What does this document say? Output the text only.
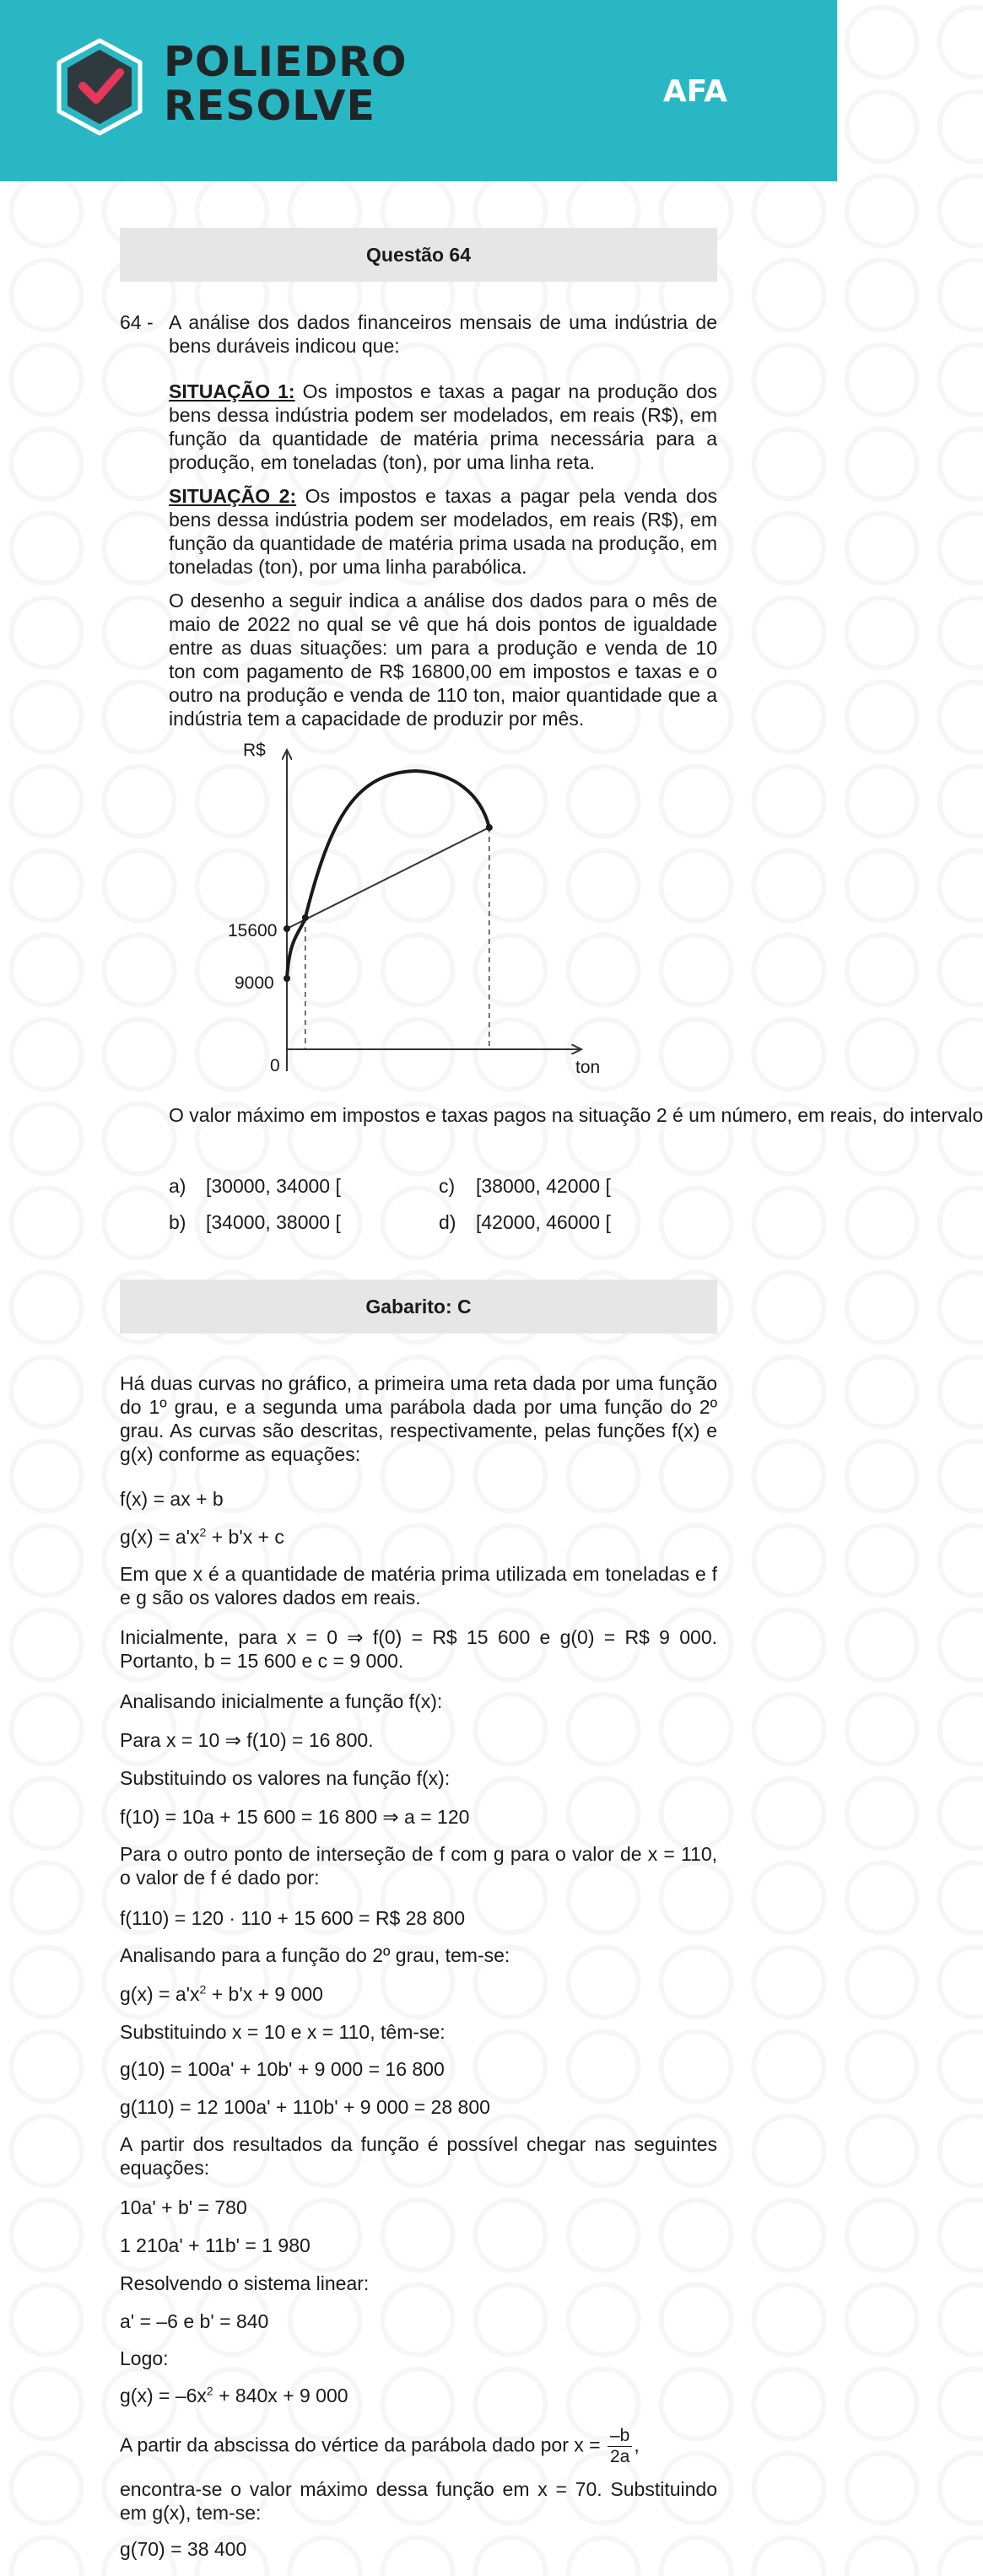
POLIEDRO
RESOLVE	AFA
Questão 64
64 - A análise dos dados financeiros mensais de uma indústria de bens duráveis indicou que:
SITUAÇÃO 1: Os impostos e taxas a pagar na produção dos bens dessa indústria podem ser modelados, em reais (R$), em função da quantidade de matéria prima necessária para a produção, em toneladas (ton), por uma linha reta.
SITUAÇÃO 2: Os impostos e taxas a pagar pela venda dos bens dessa indústria podem ser modelados, em reais (R$), em função da quantidade de matéria prima usada na produção, em toneladas (ton), por uma linha parabólica.
O desenho a seguir indica a análise dos dados para o mês de maio de 2022 no qual se vê que há dois pontos de igualdade entre as duas situações: um para a produção e venda de 10 ton com pagamento de R$ 16800,00 em impostos e taxas e o outro na produção e venda de 110 ton, maior quantidade que a indústria tem a capacidade de produzir por mês.
R$
ton
0
15600
9000
O valor máximo em impostos e taxas pagos na situação 2 é um número, em reais, do intervalo
a) [30000, 34000 [	c) [38000, 42000 [
b) [34000, 38000 [	d) [42000, 46000 [
Gabarito: C
Há duas curvas no gráfico, a primeira uma reta dada por uma função do 1º grau, e a segunda uma parábola dada por uma função do 2º grau. As curvas são descritas, respectivamente, pelas funções f(x) e g(x) conforme as equações:
f(x) = ax + b
$g(x) = a'x^2 + b'x + c$
Em que x é a quantidade de matéria prima utilizada em toneladas e f e g são os valores dados em reais.
Inicialmente, para x = 0 ⇒ f(0) = R$ 15 600 e g(0) = R$ 9 000. Portanto, b = 15 600 e c = 9 000.
Analisando inicialmente a função f(x):
Para x = 10 ⇒ f(10) = 16 800.
Substituindo os valores na função f(x):
f(10) = 10a + 15 600 = 16 800 ⇒ a = 120
Para o outro ponto de interseção de f com g para o valor de x = 110, o valor de f é dado por:
f(110) = 120 · 110 + 15 600 = R$ 28 800
Analisando para a função do 2º grau, tem-se:
$g(x) = a'x^2 + b'x + 9$ 000
Substituindo x = 10 e x = 110, têm-se:
g(10) = 100a' + 10b' + 9 000 = 16 800
g(110) = 12 100a' + 110b' + 9 000 = 28 800
A partir dos resultados da função é possível chegar nas seguintes equações:
10a' + b' = 780
1 210a' + 11b' = 1 980
Resolvendo o sistema linear:
a' = –6 e b' = 840
Logo:
$g(x) = -6x^2 + 840x + 9$ 000
A partir da abscissa do vértice da parábola dado por $x = \frac{-b}{2a}$ ,
encontra-se o valor máximo dessa função em x = 70. Substituindo em g(x), tem-se:
g(70) = 38 400
